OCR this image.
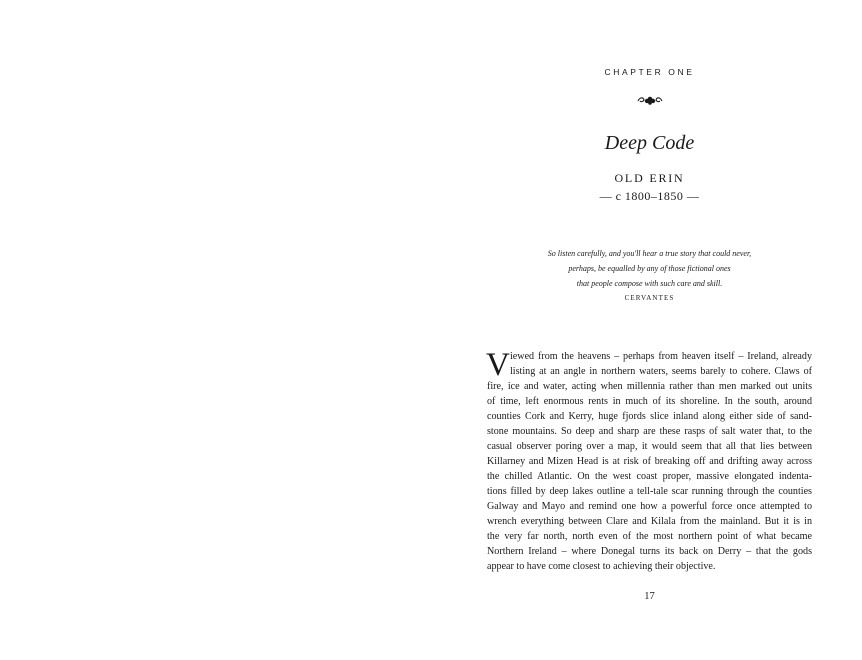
CHAPTER ONE
Deep Code
OLD ERIN
— c 1800–1850 —
So listen carefully, and you'll hear a true story that could never,
perhaps, be equalled by any of those fictional ones
that people compose with such care and skill.
CERVANTES
V iewed from the heavens – perhaps from heaven itself – Ireland, already
listing at an angle in northern waters, seems barely to cohere. Claws of
fire, ice and water, acting when millennia rather than men marked out units
of time, left enormous rents in much of its shoreline. In the south, around
counties Cork and Kerry, huge fjords slice inland along either side of sand-
stone mountains. So deep and sharp are these rasps of salt water that, to the
casual observer poring over a map, it would seem that all that lies between
Killarney and Mizen Head is at risk of breaking off and drifting away across
the chilled Atlantic. On the west coast proper, massive elongated indenta-
tions filled by deep lakes outline a tell-tale scar running through the counties
Galway and Mayo and remind one how a powerful force once attempted to
wrench everything between Clare and Kilala from the mainland. But it is in
the very far north, north even of the most northern point of what became
Northern Ireland – where Donegal turns its back on Derry – that the gods
appear to have come closest to achieving their objective.
17
